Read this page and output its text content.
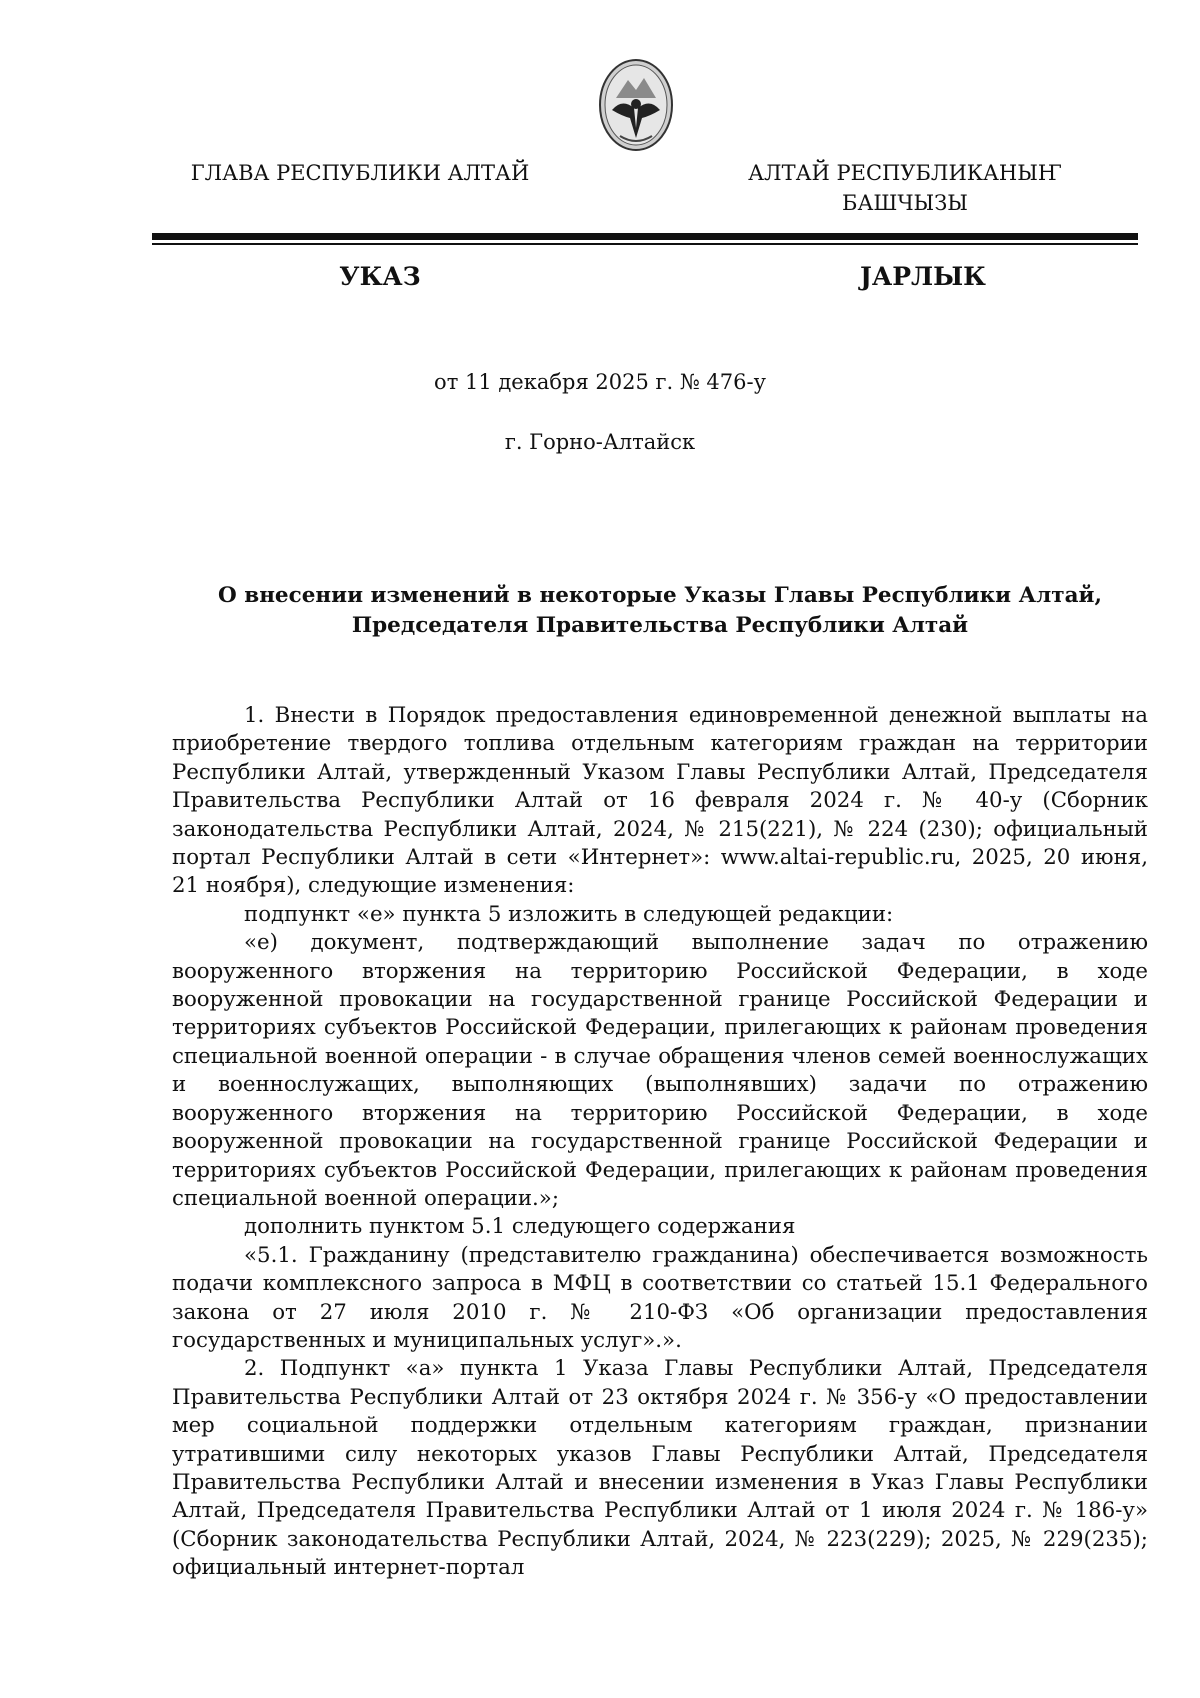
ГЛАВА РЕСПУБЛИКИ АЛТАЙ	АЛТАЙ РЕСПУБЛИКАНЫҤ
БАШЧЫЗЫ
УКАЗ	ЈАРЛЫК
от 11 декабря 2025 г. № 476-у
г. Горно-Алтайск
О внесении изменений в некоторые Указы Главы Республики Алтай, Председателя Правительства Республики Алтай

1. Внести в Порядок предоставления единовременной денежной выплаты на приобретение твердого топлива отдельным категориям граждан на территории Республики Алтай, утвержденный Указом Главы Республики Алтай, Председателя Правительства Республики Алтай от 16 февраля 2024 г. № 40-у (Сборник законодательства Республики Алтай, 2024, № 215(221), № 224 (230); официальный портал Республики Алтай в сети «Интернет»: www.altai-republic.ru, 2025, 20 июня, 21 ноября), следующие изменения:

подпункт «е» пункта 5 изложить в следующей редакции:

«е) документ, подтверждающий выполнение задач по отражению вооруженного вторжения на территорию Российской Федерации, в ходе вооруженной провокации на государственной границе Российской Федерации и территориях субъектов Российской Федерации, прилегающих к районам проведения специальной военной операции - в случае обращения членов семей военнослужащих и военнослужащих, выполняющих (выполнявших) задачи по отражению вооруженного вторжения на территорию Российской Федерации, в ходе вооруженной провокации на государственной границе Российской Федерации и территориях субъектов Российской Федерации, прилегающих к районам проведения специальной военной операции.»;

дополнить пунктом 5.1 следующего содержания

«5.1. Гражданину (представителю гражданина) обеспечивается возможность подачи комплексного запроса в МФЦ в соответствии со статьей 15.1 Федерального закона от 27 июля 2010 г. № 210-ФЗ «Об организации предоставления государственных и муниципальных услуг».».

2. Подпункт «а» пункта 1 Указа Главы Республики Алтай, Председателя Правительства Республики Алтай от 23 октября 2024 г. № 356-у «О предоставлении мер социальной поддержки отдельным категориям граждан, признании утратившими силу некоторых указов Главы Республики Алтай, Председателя Правительства Республики Алтай и внесении изменения в Указ Главы Республики Алтай, Председателя Правительства Республики Алтай от 1 июля 2024 г. № 186-у» (Сборник законодательства Республики Алтай, 2024, № 223(229); 2025, № 229(235); официальный интернет-портал
